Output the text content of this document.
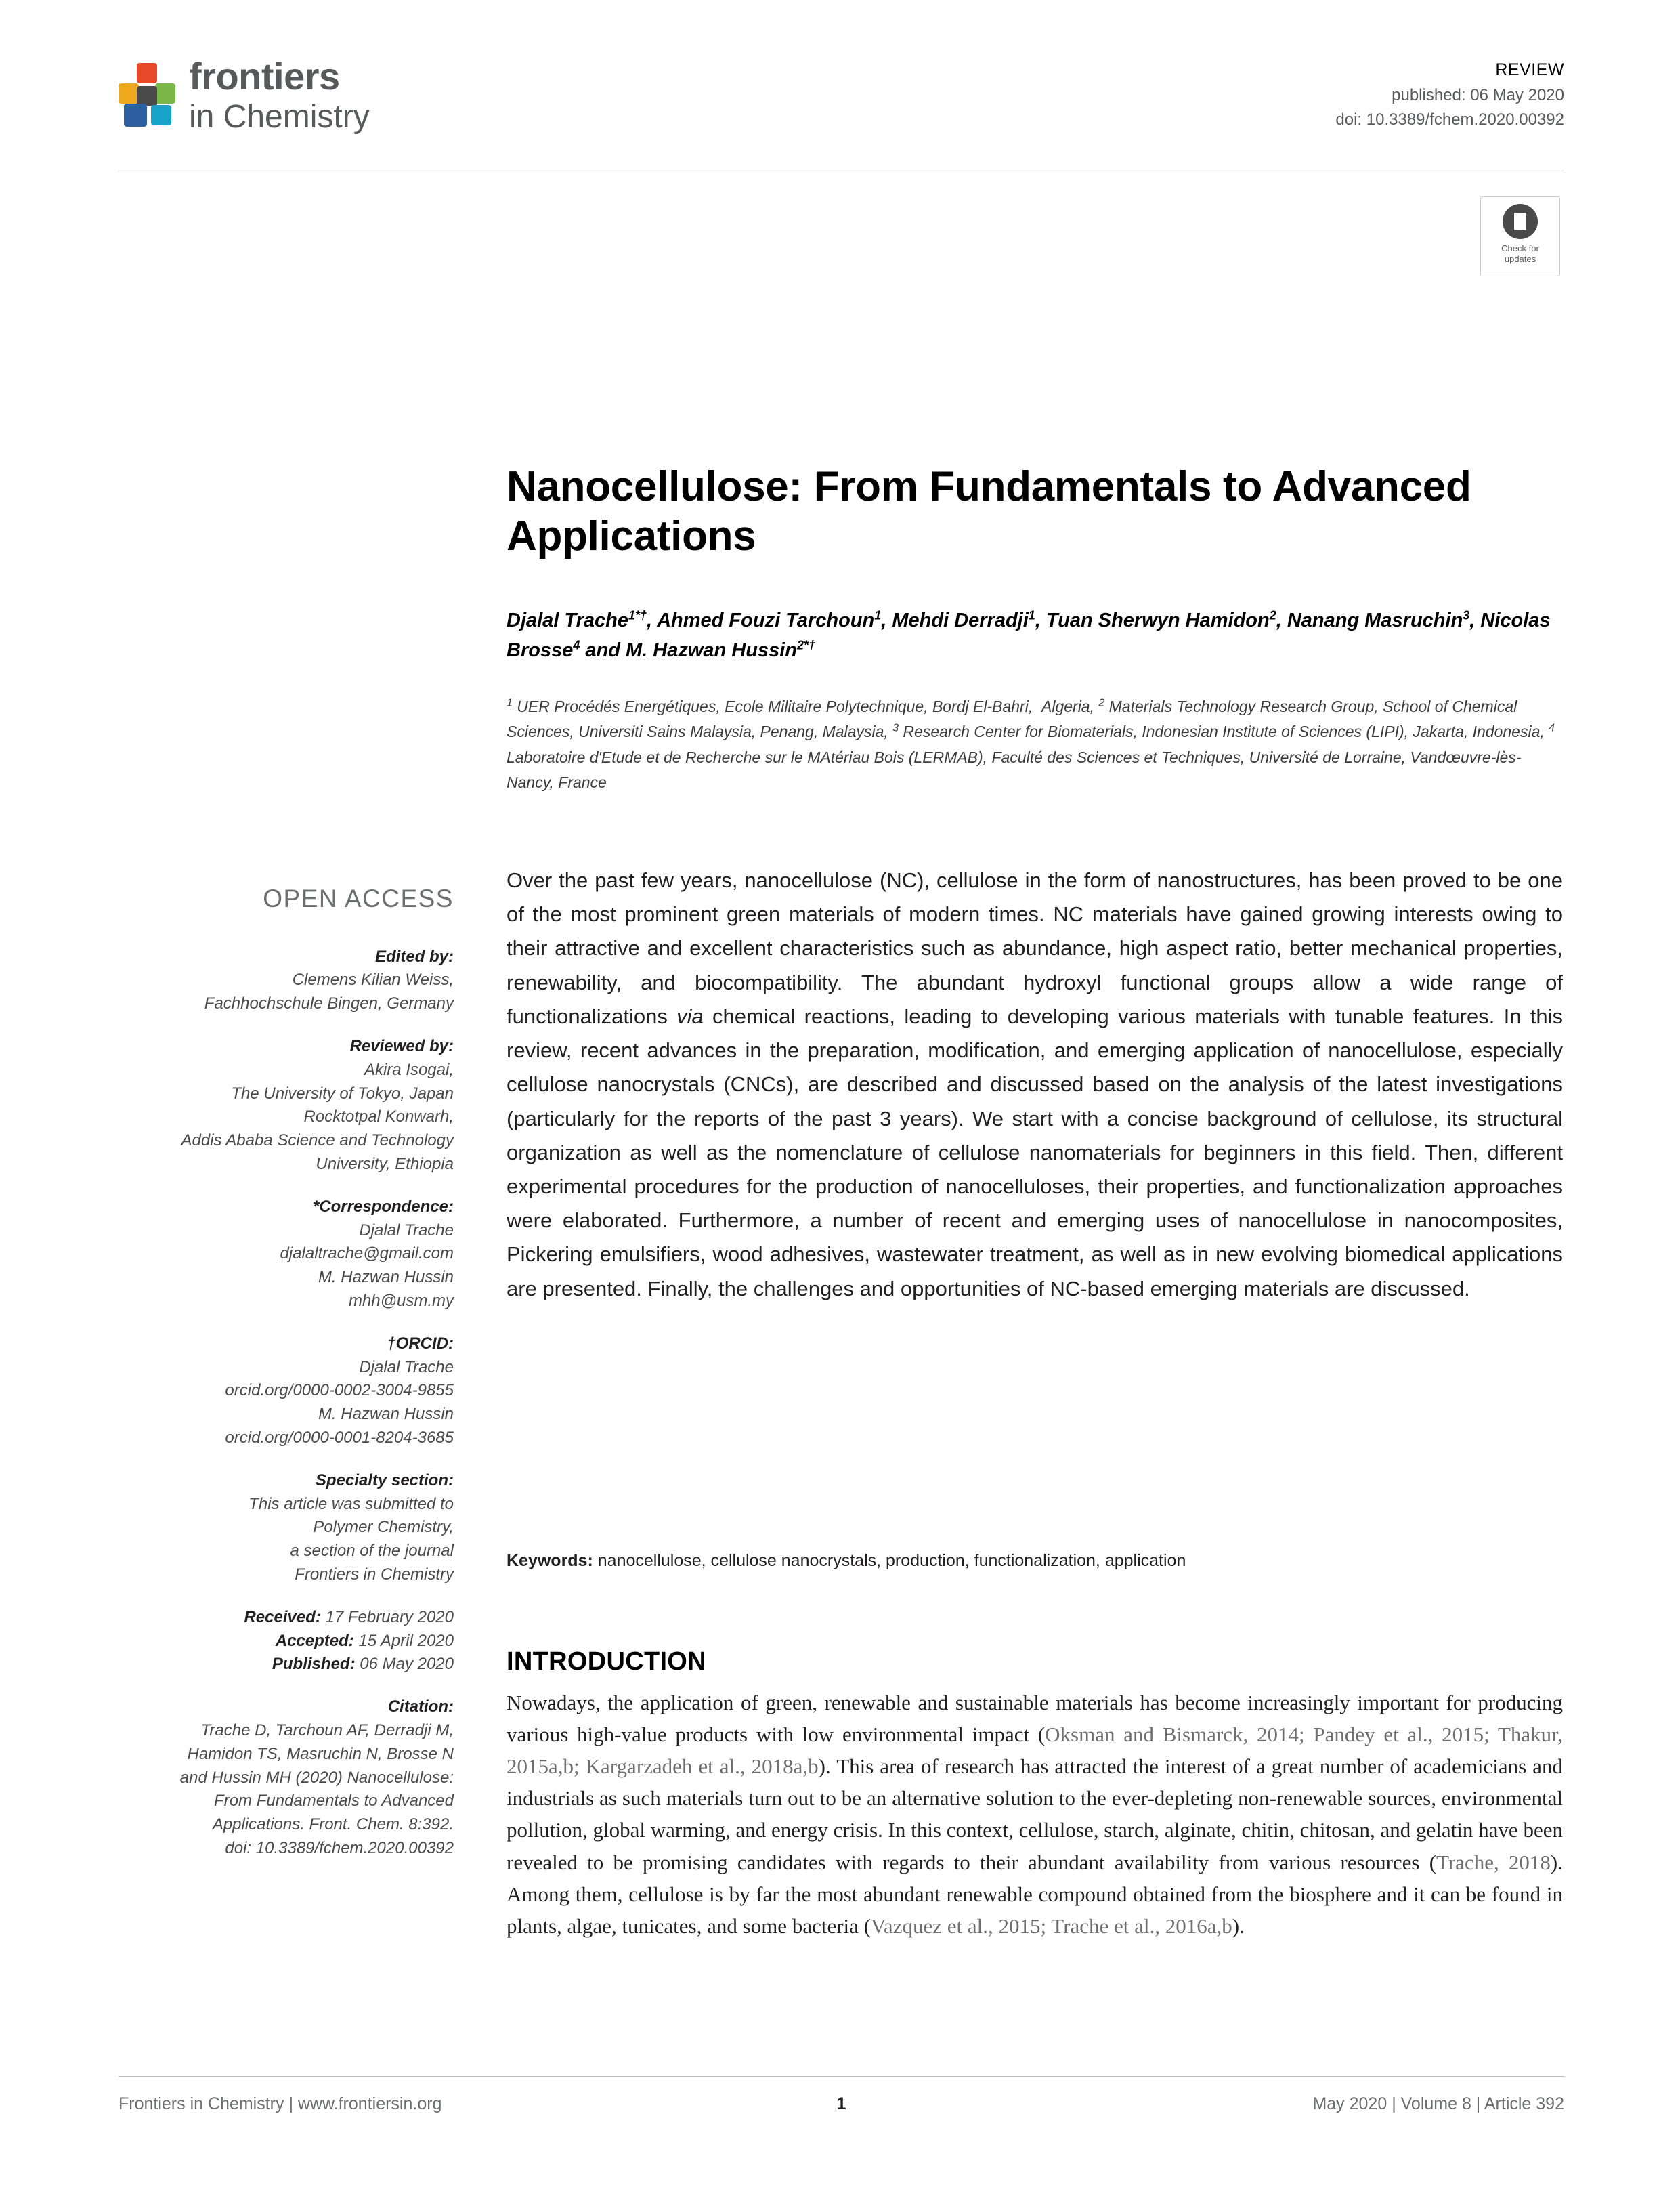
frontiers
in Chemistry
REVIEW
published: 06 May 2020
doi: 10.3389/fchem.2020.00392
Check for
updates
Nanocellulose: From Fundamentals to Advanced Applications
Djalal Trache$^{1*\dagger}$, Ahmed Fouzi Tarchoun$^1$, Mehdi Derradji$^1$, Tuan Sherwyn Hamidon$^2$, Nanang Masruchin$^3$, Nicolas Brosse$^4$ and M. Hazwan Hussin$^{2*\dagger}$
$^1$ UER Procédés Energétiques, Ecole Militaire Polytechnique, Bordj El-Bahri,  Algeria, $^2$ Materials Technology Research Group, School of Chemical Sciences, Universiti Sains Malaysia, Penang, Malaysia, $^3$ Research Center for Biomaterials, Indonesian Institute of Sciences (LIPI), Jakarta, Indonesia, $^4$ Laboratoire d'Etude et de Recherche sur le MAtériau Bois (LERMAB), Faculté des Sciences et Techniques, Université de Lorraine, Vandœuvre-lès-Nancy, France
Over the past few years, nanocellulose (NC), cellulose in the form of nanostructures, has been proved to be one of the most prominent green materials of modern times. NC materials have gained growing interests owing to their attractive and excellent characteristics such as abundance, high aspect ratio, better mechanical properties, renewability, and biocompatibility. The abundant hydroxyl functional groups allow a wide range of functionalizations via chemical reactions, leading to developing various materials with tunable features. In this review, recent advances in the preparation, modification, and emerging application of nanocellulose, especially cellulose nanocrystals (CNCs), are described and discussed based on the analysis of the latest investigations (particularly for the reports of the past 3 years). We start with a concise background of cellulose, its structural organization as well as the nomenclature of cellulose nanomaterials for beginners in this field. Then, different experimental procedures for the production of nanocelluloses, their properties, and functionalization approaches were elaborated. Furthermore, a number of recent and emerging uses of nanocellulose in nanocomposites, Pickering emulsifiers, wood adhesives, wastewater treatment, as well as in new evolving biomedical applications are presented. Finally, the challenges and opportunities of NC-based emerging materials are discussed.
Keywords: nanocellulose, cellulose nanocrystals, production, functionalization, application
INTRODUCTION
Nowadays, the application of green, renewable and sustainable materials has become increasingly important for producing various high-value products with low environmental impact (Oksman and Bismarck, 2014; Pandey et al., 2015; Thakur, 2015a,b; Kargarzadeh et al., 2018a,b). This area of research has attracted the interest of a great number of academicians and industrials as such materials turn out to be an alternative solution to the ever-depleting non-renewable sources, environmental pollution, global warming, and energy crisis. In this context, cellulose, starch, alginate, chitin, chitosan, and gelatin have been revealed to be promising candidates with regards to their abundant availability from various resources (Trache, 2018). Among them, cellulose is by far the most abundant renewable compound obtained from the biosphere and it can be found in plants, algae, tunicates, and some bacteria (Vazquez et al., 2015; Trache et al., 2016a,b).
OPEN ACCESS
Edited by:
Clemens Kilian Weiss,
Fachhochschule Bingen, Germany
Reviewed by:
Akira Isogai,
The University of Tokyo, Japan
Rocktotpal Konwarh,
Addis Ababa Science and Technology University, Ethiopia
*Correspondence:
Djalal Trache
djalaltrache@gmail.com
M. Hazwan Hussin
mhh@usm.my
†ORCID:
Djalal Trache
orcid.org/0000-0002-3004-9855
M. Hazwan Hussin
orcid.org/0000-0001-8204-3685
Specialty section:
This article was submitted to
Polymer Chemistry,
a section of the journal
Frontiers in Chemistry
Received: 17 February 2020
Accepted: 15 April 2020
Published: 06 May 2020
Citation:
Trache D, Tarchoun AF, Derradji M,
Hamidon TS, Masruchin N, Brosse N
and Hussin MH (2020) Nanocellulose:
From Fundamentals to Advanced
Applications. Front. Chem. 8:392.
doi: 10.3389/fchem.2020.00392
Frontiers in Chemistry | www.frontiersin.org	1	May 2020 | Volume 8 | Article 392
